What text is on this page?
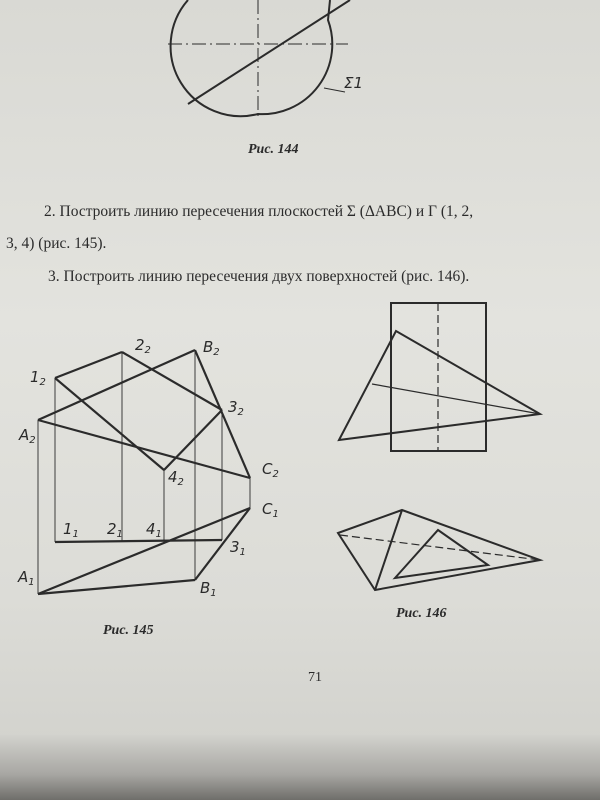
Σ1
$1_2$
$2_2$	$B_2$
$A_2$
$3_2$
$4_2$
$C_2$
$C_1$
$1_1$ $2_1$ $4_1$
$3_1$
$A_1$	$B_1$
Рис. 144
2. Построить линию пересечения плоскостей Σ (ΔABC) и Γ (1, 2,
3, 4) (рис. 145).
3. Построить линию пересечения двух поверхностей (рис. 146).
Рис. 145
Рис. 146
71
